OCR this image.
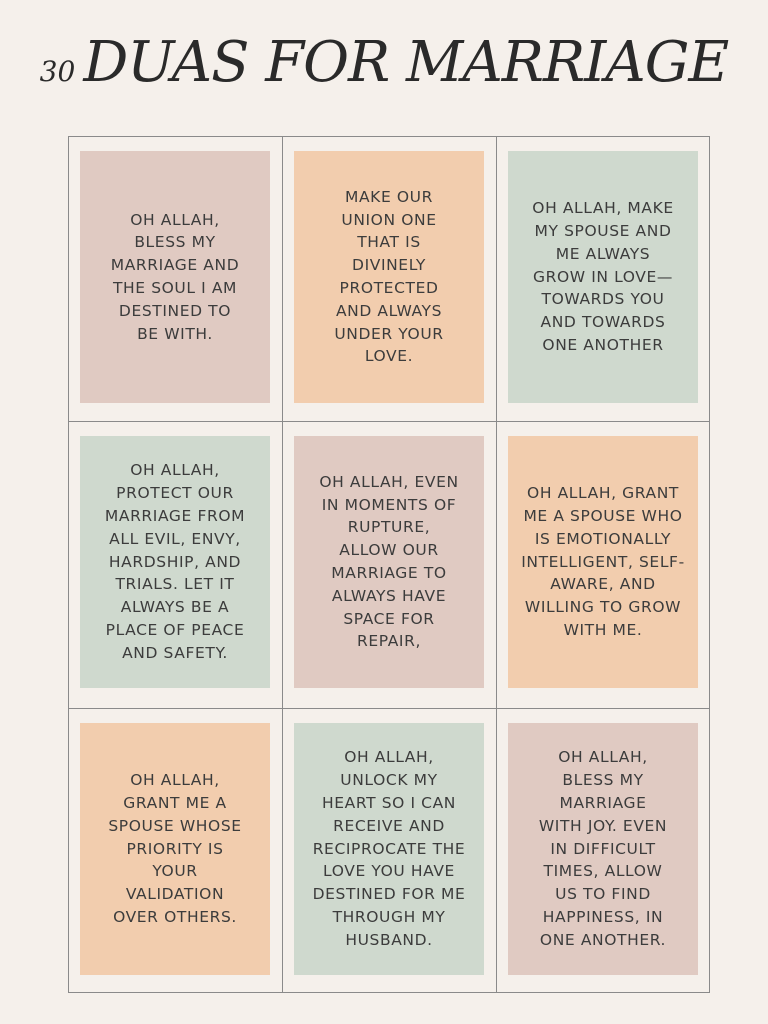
30 DUAS FOR MARRIAGE
OH ALLAH,
BLESS MY
MARRIAGE AND
THE SOUL I AM
DESTINED TO
BE WITH.
MAKE OUR
UNION ONE
THAT IS
DIVINELY
PROTECTED
AND ALWAYS
UNDER YOUR
LOVE.
OH ALLAH, MAKE
MY SPOUSE AND
ME ALWAYS
GROW IN LOVE—
TOWARDS YOU
AND TOWARDS
ONE ANOTHER
OH ALLAH,
PROTECT OUR
MARRIAGE FROM
ALL EVIL, ENVY,
HARDSHIP, AND
TRIALS. LET IT
ALWAYS BE A
PLACE OF PEACE
AND SAFETY.
OH ALLAH, EVEN
IN MOMENTS OF
RUPTURE,
ALLOW OUR
MARRIAGE TO
ALWAYS HAVE
SPACE FOR
REPAIR,
OH ALLAH, GRANT
ME A SPOUSE WHO
IS EMOTIONALLY
INTELLIGENT, SELF-
AWARE, AND
WILLING TO GROW
WITH ME.
OH ALLAH,
GRANT ME A
SPOUSE WHOSE
PRIORITY IS
YOUR
VALIDATION
OVER OTHERS.
OH ALLAH,
UNLOCK MY
HEART SO I CAN
RECEIVE AND
RECIPROCATE THE
LOVE YOU HAVE
DESTINED FOR ME
THROUGH MY
HUSBAND.
OH ALLAH,
BLESS MY
MARRIAGE
WITH JOY. EVEN
IN DIFFICULT
TIMES, ALLOW
US TO FIND
HAPPINESS, IN
ONE ANOTHER.
